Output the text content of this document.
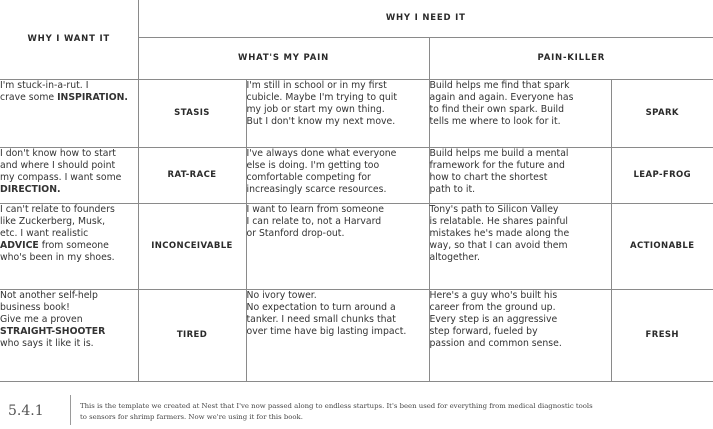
WHY I WANT IT	WHY I NEED IT			
	WHAT'S MY PAIN		PAIN-KILLER	

I'm stuck-in-a-rut. I
crave some INSPIRATION.	STASIS	I'm still in school or in my first
cubicle. Maybe I'm trying to quit
my job or start my own thing.
But I don't know my next move.	Build helps me find that spark
again and again. Everyone has
to find their own spark. Build
tells me where to look for it.	SPARK

I don't know how to start
and where I should point
my compass. I want some
DIRECTION.	RAT-RACE	I've always done what everyone
else is doing. I'm getting too
comfortable competing for
increasingly scarce resources.	Build helps me build a mental
framework for the future and
how to chart the shortest
path to it.	LEAP-FROG

I can't relate to founders
like Zuckerberg, Musk,
etc. I want realistic
ADVICE from someone
who's been in my shoes.	INCONCEIVABLE	I want to learn from someone
I can relate to, not a Harvard
or Stanford drop-out.	Tony's path to Silicon Valley
is relatable. He shares painful
mistakes he's made along the
way, so that I can avoid them
altogether.	ACTIONABLE

Not another self-help
business book!
Give me a proven
STRAIGHT-SHOOTER
who says it like it is.	TIRED	No ivory tower.
No expectation to turn around a
tanker. I need small chunks that
over time have big lasting impact.	Here's a guy who's built his
career from the ground up.
Every step is an aggressive
step forward, fueled by
passion and common sense.	FRESH
5.4.1	This is the template we created at Nest that I've now passed along to endless startups. It's been used for everything from medical diagnostic tools
to sensors for shrimp farmers. Now we're using it for this book.
